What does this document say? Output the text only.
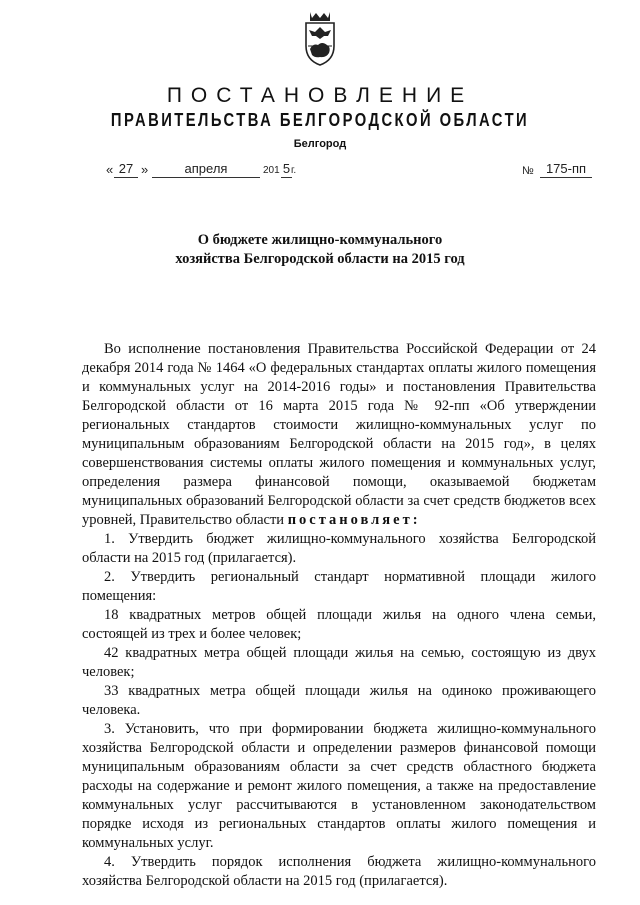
ПОСТАНОВЛЕНИЕ
ПРАВИТЕЛЬСТВА БЕЛГОРОДСКОЙ ОБЛАСТИ
Белгород
« 27 »	апреля	201 5 г.	№ 175-пп
О бюджете жилищно-коммунального
хозяйства Белгородской области на 2015 год

Во исполнение постановления Правительства Российской Федерации от 24 декабря 2014 года № 1464 «О федеральных стандартах оплаты жилого помещения и коммунальных услуг на 2014-2016 годы» и постановления Правительства Белгородской области от 16 марта 2015 года № 92-пп «Об утверждении региональных стандартов стоимости жилищно-коммунальных услуг по муниципальным образованиям Белгородской области на 2015 год», в целях совершенствования системы оплаты жилого помещения и коммунальных услуг, определения размера финансовой помощи, оказываемой бюджетам муниципальных образований Белгородской области за счет средств бюджетов всех уровней, Правительство области постановляет:

1. Утвердить бюджет жилищно-коммунального хозяйства Белгородской области на 2015 год (прилагается).

2. Утвердить региональный стандарт нормативной площади жилого помещения:

18 квадратных метров общей площади жилья на одного члена семьи, состоящей из трех и более человек;

42 квадратных метра общей площади жилья на семью, состоящую из двух человек;

33 квадратных метра общей площади жилья на одиноко проживающего человека.

3. Установить, что при формировании бюджета жилищно-коммунального хозяйства Белгородской области и определении размеров финансовой помощи муниципальным образованиям области за счет средств областного бюджета расходы на содержание и ремонт жилого помещения, а также на предоставление коммунальных услуг рассчитываются в установленном законодательством порядке исходя из региональных стандартов оплаты жилого помещения и коммунальных услуг.

4. Утвердить порядок исполнения бюджета жилищно-коммунального хозяйства Белгородской области на 2015 год (прилагается).
